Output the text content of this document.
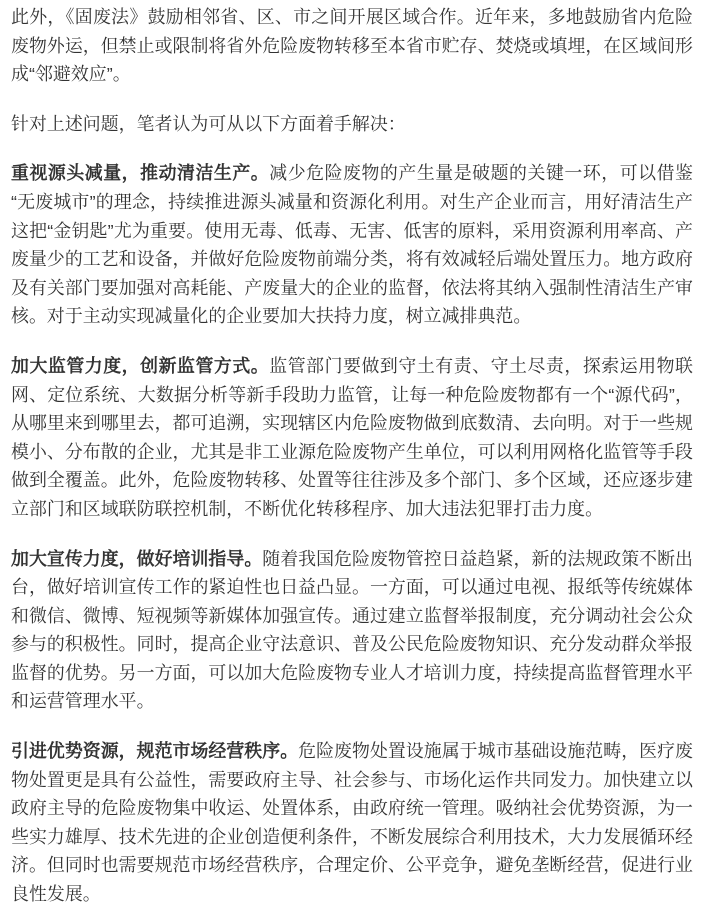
此外，《固废法》鼓励相邻省、区、市之间开展区域合作。近年来，多地鼓励省内危险废物外运，但禁止或限制将省外危险废物转移至本省市贮存、焚烧或填埋，在区域间形成“邻避效应”。

针对上述问题，笔者认为可从以下方面着手解决：

重视源头减量，推动清洁生产。减少危险废物的产生量是破题的关键一环，可以借鉴“无废城市”的理念，持续推进源头减量和资源化利用。对生产企业而言，用好清洁生产这把“金钥匙”尤为重要。使用无毒、低毒、无害、低害的原料，采用资源利用率高、产废量少的工艺和设备，并做好危险废物前端分类，将有效减轻后端处置压力。地方政府及有关部门要加强对高耗能、产废量大的企业的监督，依法将其纳入强制性清洁生产审核。对于主动实现减量化的企业要加大扶持力度，树立减排典范。

加大监管力度，创新监管方式。监管部门要做到守土有责、守土尽责，探索运用物联网、定位系统、大数据分析等新手段助力监管，让每一种危险废物都有一个“源代码”，从哪里来到哪里去，都可追溯，实现辖区内危险废物做到底数清、去向明。对于一些规模小、分布散的企业，尤其是非工业源危险废物产生单位，可以利用网格化监管等手段做到全覆盖。此外，危险废物转移、处置等往往涉及多个部门、多个区域，还应逐步建立部门和区域联防联控机制，不断优化转移程序、加大违法犯罪打击力度。

加大宣传力度，做好培训指导。随着我国危险废物管控日益趋紧，新的法规政策不断出台，做好培训宣传工作的紧迫性也日益凸显。一方面，可以通过电视、报纸等传统媒体和微信、微博、短视频等新媒体加强宣传。通过建立监督举报制度，充分调动社会公众参与的积极性。同时，提高企业守法意识、普及公民危险废物知识、充分发动群众举报监督的优势。另一方面，可以加大危险废物专业人才培训力度，持续提高监督管理水平和运营管理水平。

引进优势资源，规范市场经营秩序。危险废物处置设施属于城市基础设施范畴，医疗废物处置更是具有公益性，需要政府主导、社会参与、市场化运作共同发力。加快建立以政府主导的危险废物集中收运、处置体系，由政府统一管理。吸纳社会优势资源，为一些实力雄厚、技术先进的企业创造便利条件，不断发展综合利用技术，大力发展循环经济。但同时也需要规范市场经营秩序，合理定价、公平竞争，避免垄断经营，促进行业良性发展。
